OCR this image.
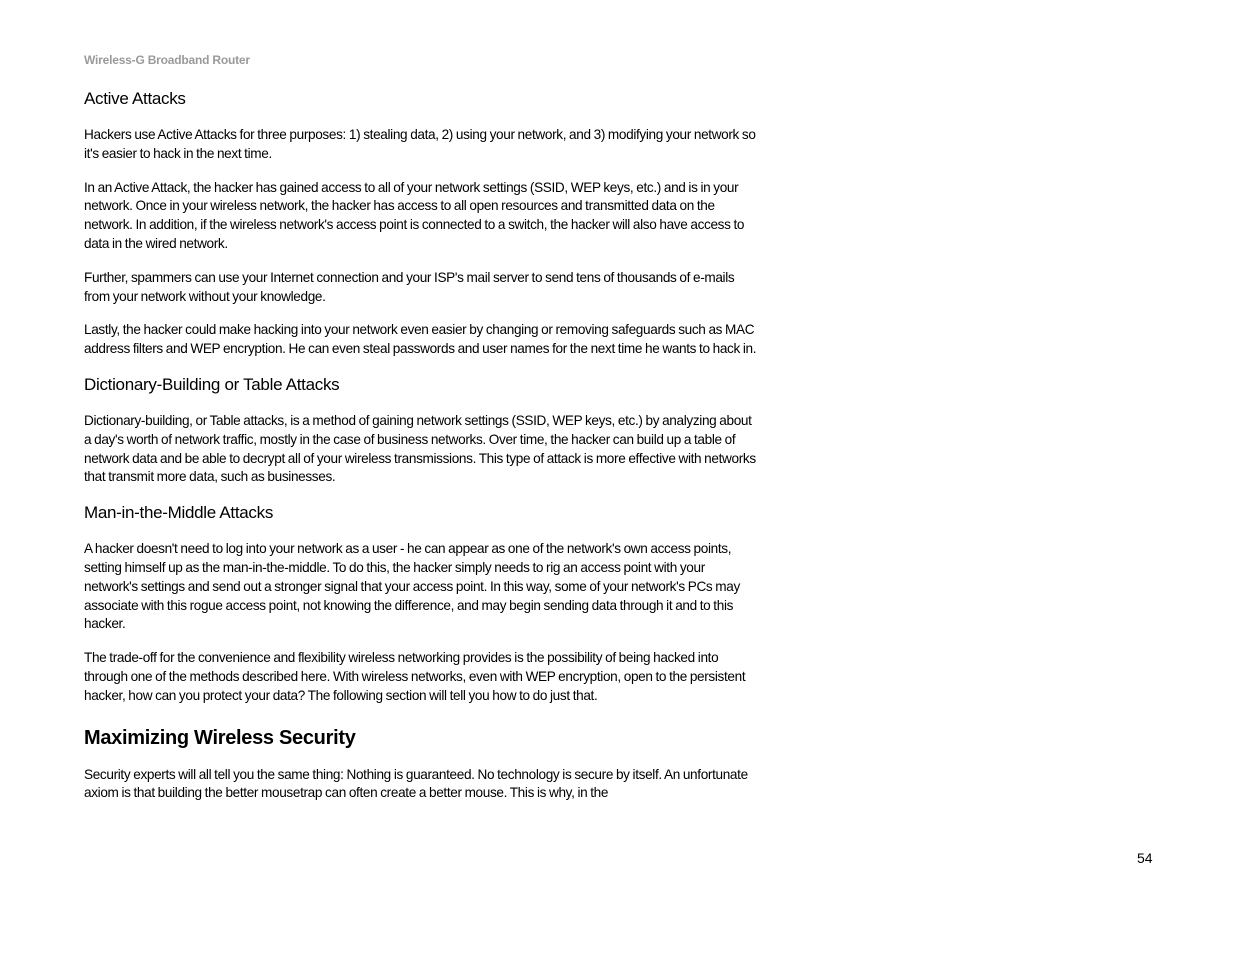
Wireless-G Broadband Router
Active Attacks

Hackers use Active Attacks for three purposes: 1) stealing data, 2) using your network, and 3) modifying your network so it's easier to hack in the next time.

In an Active Attack, the hacker has gained access to all of your network settings (SSID, WEP keys, etc.) and is in your network. Once in your wireless network, the hacker has access to all open resources and transmitted data on the network. In addition, if the wireless network's access point is connected to a switch, the hacker will also have access to data in the wired network.

Further, spammers can use your Internet connection and your ISP's mail server to send tens of thousands of e-mails from your network without your knowledge.

Lastly, the hacker could make hacking into your network even easier by changing or removing safeguards such as MAC address filters and WEP encryption. He can even steal passwords and user names for the next time he wants to hack in.

Dictionary-Building or Table Attacks

Dictionary-building, or Table attacks, is a method of gaining network settings (SSID, WEP keys, etc.) by analyzing about a day's worth of network traffic, mostly in the case of business networks. Over time, the hacker can build up a table of network data and be able to decrypt all of your wireless transmissions. This type of attack is more effective with networks that transmit more data, such as businesses.

Man-in-the-Middle Attacks

A hacker doesn't need to log into your network as a user - he can appear as one of the network's own access points, setting himself up as the man-in-the-middle. To do this, the hacker simply needs to rig an access point with your network's settings and send out a stronger signal that your access point. In this way, some of your network's PCs may associate with this rogue access point, not knowing the difference, and may begin sending data through it and to this hacker.

The trade-off for the convenience and flexibility wireless networking provides is the possibility of being hacked into through one of the methods described here. With wireless networks, even with WEP encryption, open to the persistent hacker, how can you protect your data? The following section will tell you how to do just that.

Maximizing Wireless Security

Security experts will all tell you the same thing: Nothing is guaranteed. No technology is secure by itself. An unfortunate axiom is that building the better mousetrap can often create a better mouse. This is why, in the

54
